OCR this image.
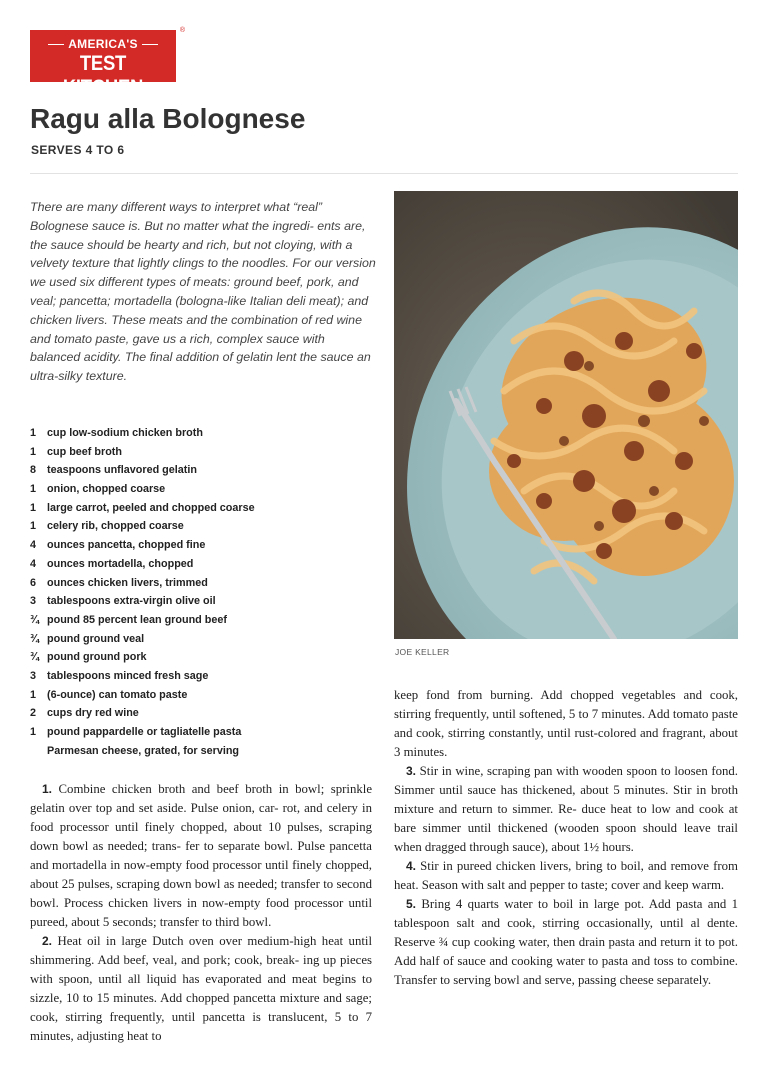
AMERICA'S
TEST KITCHEN
®
Ragu alla Bolognese
SERVES 4 TO 6

There are many different ways to interpret what “real” Bolognese sauce is. But no matter what the ingredi- ents are, the sauce should be hearty and rich, but not cloying, with a velvety texture that lightly clings to the noodles. For our version we used six different types of meats: ground beef, pork, and veal; pancetta; mortadella (bologna-like Italian deli meat); and chicken livers. These meats and the combination of red wine and tomato paste, gave us a rich, complex sauce with balanced acidity. The final addition of gelatin lent the sauce an ultra-silky texture.

1 cup low-sodium chicken broth
1 cup beef broth
8 teaspoons unflavored gelatin
1 onion, chopped coarse
1 large carrot, peeled and chopped coarse
1 celery rib, chopped coarse
4 ounces pancetta, chopped fine
4 ounces mortadella, chopped
6 ounces chicken livers, trimmed
3 tablespoons extra-virgin olive oil
¾ pound 85 percent lean ground beef
¾ pound ground veal
¾ pound ground pork
3 tablespoons minced fresh sage
1 (6-ounce) can tomato paste
2 cups dry red wine
1 pound pappardelle or tagliatelle pasta
Parmesan cheese, grated, for serving

1. Combine chicken broth and beef broth in bowl; sprinkle gelatin over top and set aside. Pulse onion, car- rot, and celery in food processor until finely chopped, about 10 pulses, scraping down bowl as needed; trans- fer to separate bowl. Pulse pancetta and mortadella in now-empty food processor until finely chopped, about 25 pulses, scraping down bowl as needed; transfer to second bowl. Process chicken livers in now-empty food processor until pureed, about 5 seconds; transfer to third bowl.

2. Heat oil in large Dutch oven over medium-high heat until shimmering. Add beef, veal, and pork; cook, break- ing up pieces with spoon, until all liquid has evaporated and meat begins to sizzle, 10 to 15 minutes. Add chopped pancetta mixture and sage; cook, stirring frequently, until pancetta is translucent, 5 to 7 minutes, adjusting heat to

JOE KELLER

keep fond from burning. Add chopped vegetables and cook, stirring frequently, until softened, 5 to 7 minutes. Add tomato paste and cook, stirring constantly, until rust-colored and fragrant, about 3 minutes.

3. Stir in wine, scraping pan with wooden spoon to loosen fond. Simmer until sauce has thickened, about 5 minutes. Stir in broth mixture and return to simmer. Re- duce heat to low and cook at bare simmer until thickened (wooden spoon should leave trail when dragged through sauce), about 1½ hours.

4. Stir in pureed chicken livers, bring to boil, and remove from heat. Season with salt and pepper to taste; cover and keep warm.

5. Bring 4 quarts water to boil in large pot. Add pasta and 1 tablespoon salt and cook, stirring occasionally, until al dente. Reserve ¾ cup cooking water, then drain pasta and return it to pot. Add half of sauce and cooking water to pasta and toss to combine. Transfer to serving bowl and serve, passing cheese separately.
